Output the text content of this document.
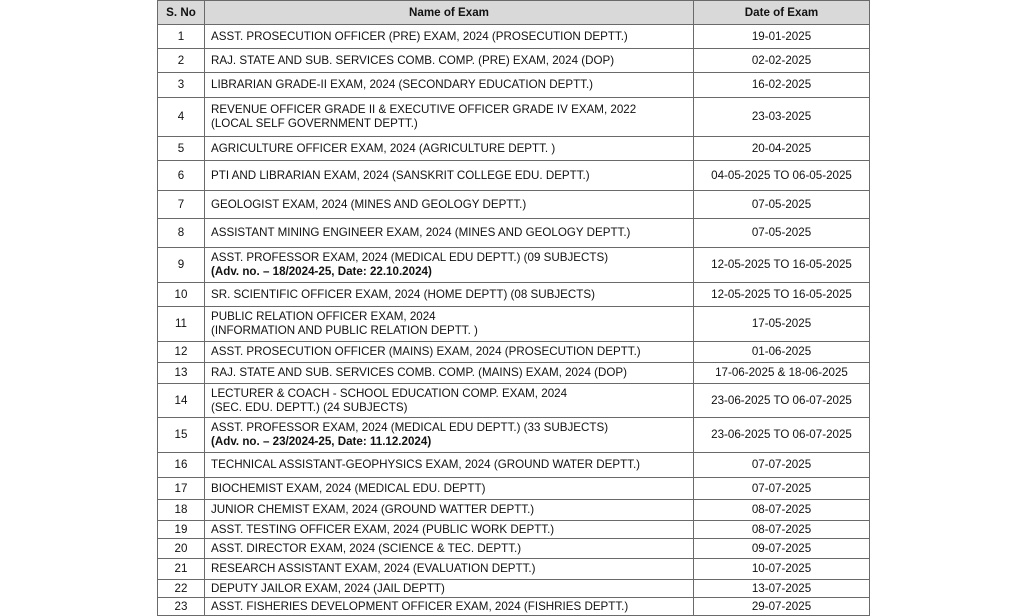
S. No	Name of Exam	Date of Exam
1	ASST. PROSECUTION OFFICER (PRE) EXAM, 2024 (PROSECUTION DEPTT.)	19-01-2025
2	RAJ. STATE AND SUB. SERVICES COMB. COMP. (PRE) EXAM, 2024 (DOP)	02-02-2025
3	LIBRARIAN GRADE-II EXAM, 2024 (SECONDARY EDUCATION DEPTT.)	16-02-2025
4	REVENUE OFFICER GRADE II & EXECUTIVE OFFICER GRADE IV EXAM, 2022
(LOCAL SELF GOVERNMENT DEPTT.)	23-03-2025
5	AGRICULTURE OFFICER EXAM, 2024 (AGRICULTURE DEPTT. )	20-04-2025
6	PTI AND LIBRARIAN EXAM, 2024 (SANSKRIT COLLEGE EDU. DEPTT.)	04-05-2025 TO 06-05-2025
7	GEOLOGIST EXAM, 2024 (MINES AND GEOLOGY DEPTT.)	07-05-2025
8	ASSISTANT MINING ENGINEER EXAM, 2024 (MINES AND GEOLOGY DEPTT.)	07-05-2025
9	ASST. PROFESSOR EXAM, 2024 (MEDICAL EDU DEPTT.) (09 SUBJECTS)
(Adv. no. – 18/2024-25, Date: 22.10.2024)	12-05-2025 TO 16-05-2025
10	SR. SCIENTIFIC OFFICER EXAM, 2024 (HOME DEPTT) (08 SUBJECTS)	12-05-2025 TO 16-05-2025
11	PUBLIC RELATION OFFICER EXAM, 2024
(INFORMATION AND PUBLIC RELATION DEPTT. )	17-05-2025
12	ASST. PROSECUTION OFFICER (MAINS) EXAM, 2024 (PROSECUTION DEPTT.)	01-06-2025
13	RAJ. STATE AND SUB. SERVICES COMB. COMP. (MAINS) EXAM, 2024 (DOP)	17-06-2025 & 18-06-2025
14	LECTURER & COACH - SCHOOL EDUCATION COMP. EXAM, 2024
(SEC. EDU. DEPTT.) (24 SUBJECTS)	23-06-2025 TO 06-07-2025
15	ASST. PROFESSOR EXAM, 2024 (MEDICAL EDU DEPTT.) (33 SUBJECTS)
(Adv. no. – 23/2024-25, Date: 11.12.2024)	23-06-2025 TO 06-07-2025
16	TECHNICAL ASSISTANT-GEOPHYSICS EXAM, 2024 (GROUND WATER DEPTT.)	07-07-2025
17	BIOCHEMIST EXAM, 2024 (MEDICAL EDU. DEPTT)	07-07-2025
18	JUNIOR CHEMIST EXAM, 2024 (GROUND WATTER DEPTT.)	08-07-2025
19	ASST. TESTING OFFICER EXAM, 2024 (PUBLIC WORK DEPTT.)	08-07-2025
20	ASST. DIRECTOR EXAM, 2024 (SCIENCE & TEC. DEPTT.)	09-07-2025
21	RESEARCH ASSISTANT EXAM, 2024 (EVALUATION DEPTT.)	10-07-2025
22	DEPUTY JAILOR EXAM, 2024 (JAIL DEPTT)	13-07-2025
23	ASST. FISHERIES DEVELOPMENT OFFICER EXAM, 2024 (FISHRIES DEPTT.)	29-07-2025
